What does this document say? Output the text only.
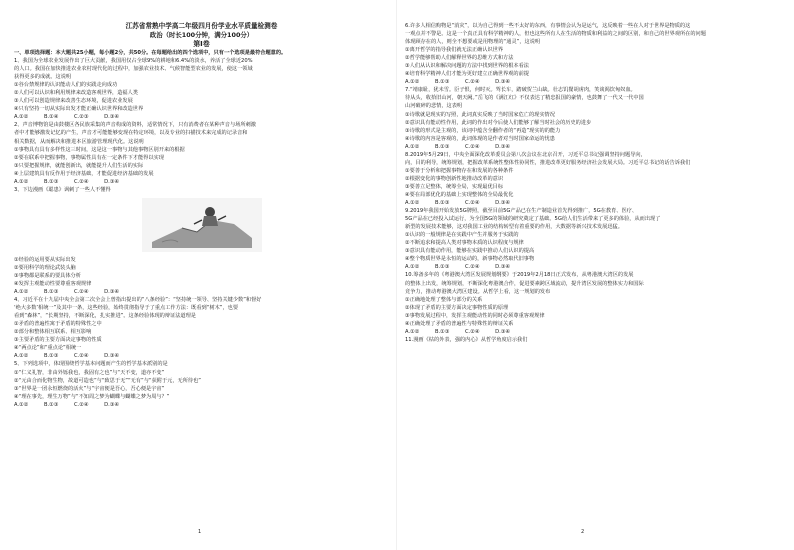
江苏省常熟中学高二年级四月份学业水平质量检测卷
政治（时长100分钟，满分100分）
第Ⅰ卷
一、单项选择题：本大题共25小题，每小题2分，共50分。在每题给出的四个选项中，只有一个选项是最符合题意的。
1、我国为全球农业发展作出了巨大贡献，我国用仅占全球9%的耕地和6.4%的淡水，养活了全球近20%
的人口。我国在加快推进农业农村现代化的过程中，加强农业技术、气候智能型农业的发展，使这一领域
获得更多的成就。这说明
①谷台禁规律的认识能动人们的实践走向成功
②人们可以认识和利用规律来改造客观世界，造福人类
③人们可以创造规律来改善生态环境，促进农业发展
④只有坚持一切从实际出发才能正确认识世界和改造世界
A.①②　　　B.①④　　　C.②③　　　D.③④
2、声音博物馆是由鼓楼区各民族采集的声音构成的资料，适常情况下，只有消费者在某种声音与场所刺激
者中才能够激发记忆的产生，声音才可能能够变现在特定环境，以及专业的扫描技术来完成的记录音和
相关数据，从而解决和推进本区旅游管理现代化。这说明
①事物具有具有多样性这三时间，这是这一事物与其他事物区别开来的根据
②要在联系中把握事物，事物属性具有在一定条件下才能得以实现
③只要把握规律，就能创新出，就能提升人们生活的实际
④上层建筑具有反作用于经济基础，才能促进经济基础的发展
A.①②　　　B.①③　　　C.②④　　　D.③④
3、下边漫画《聪患》讽刺了一些人不懂得
①经验的运用要从实际出发
②要用科学的理论武装头脑
③事物都是联系的要具体分析
④发挥主观能动性要尊重客观规律
A.①②　　　B.①③　　　C.②④　　　D.③④
4、习近平在十九届中央全会第二次全会上曾指出提出的“八条经验”：“坚持统一领导、坚持关键少数”和督好
‘绝大多数’相统一”及其中一条，这些经验，始终贯彻指导于了重点工作方法：既看到“树木”，也要
看到“森林”，“长期坚持，不断深化，扎实推进”。这条经验体现的辩证法道理是
①矛盾的普遍性寓于矛盾的特殊性之中
②部分和整体相互联系、相互影响
③主要矛盾的主要方面决定事物的性质
④“两点论”和“重点论”相统一
A.①②　　　B.①③　　　C.②④　　　D.③④
5、下列选项中，体现围绕哲学基本问题而产生的哲学基本派别的是
①“仁义礼智，非由外铄我也，我固有之也”与“天不变，道亦不变”
②“元由合而化物生物，故道可造也”与“致思于无”“无有”与“获附于元，无所待也”
③“世界是一团永恒燃烧的活火”与“宇宙便是吾心，吾心便是宇宙”
④“理在事先，理生万物”与“不知周之梦为蝴蝶与蝴蝶之梦为周与？”
A.①②　　　B.①③　　　C.②④　　　D.③④
1
6.许多人相信购物是“消灾”，以为自己得到一些不太好的东西，有事情会认为是运气，这反映着一些在人对于世界是物质的这
一观点并不警是。这是一个真正具有科学精神的人，但也这些所有人在生活的物质和利益的之间的区别，和自己的世界观所在的问题
体现顾存在的人，则全不想要或是用物理的“通灵”，这说明
①离开哲学的指导我们就无法正确认识世界
②哲学能够帮助人们解释世界的思维方式和方法
③人们从认识和解决问题的方法中找到世界的根本看法
④培育科学精神人们才能为更好建立正确世界观的前提
A.①②　　　B.①③　　　C.②④　　　D.③④
7.“靖康耻，犹未雪。臣子恨，何时灭。驾长车，踏破贺兰山缺。壮志饥餐胡虏肉，笑谈渴饮匈奴血。
待从头，收拾旧山河，朝天阙。”岳飞的《满江红》不仅表达了精忠报国的豪情，也鼓舞了一代又一代中国
山河破碎的悲情，这表明
①诗歌就是现实的写照，此词真实反映了当时国家危亡的现实情况
②意识具有能动性作用，此词的作出对今后使人们能够了解当时社会的历史的进步
③诗歌的形式是主观的，该词中蕴含全翻作者的“再造”现实的的能力
④诗歌的内容是客观的，此词体现的是作者对当时国家命运的忧患
A.①②　　　B.①③　　　C.②④　　　D.③④
8.2019年5月29日，中央全面深化改革委员会第八次会议在北京召开，习近平总书记强调坚持问题导向，
向，目的利导，统筹规划，把握改革系统性整体性协同性，推进改革更好服务经济社会发展大局。习近平总书记的话告诉我们
①要善于分析和把握事物存在和发展的各种条件
②根据变化的事物创新性地推动改革的意识
③要善立足整体，统筹全局，实现最优目标
④要在局部优化的基础上实现整体的全局最优化
A.①②　　　B.①③　　　C.②④　　　D.③④
9.2019年我国开始发放5G牌照，截至目前5G产品已在生产制造业首先得到推广，5G在教育、医疗、
5G产品在已经投入试运行，为全国5G的领域的研究奠定了基础。5G给人们生活带来了更多的体验，从而出现了
新型的发展技术能够，这对我国工业的结构转型有着重要的作用，大数据等新兴技术发展迅猛。
①认识的一般规律是在实践中产生并服务于实践的
②不断追求和提高人类对事物本质的认识程度与规律
③意识具有能动作用，能够在实践中推动人们认识的提高
④整个物质世界是永恒的运动的，新事物必然取代旧事物
A.①②　　　B.①③　　　C.②④　　　D.③④
10.筹备多年的《粤港澳大湾区发展规划纲要》于2019年2月18日正式发布，从粤港澳大湾区的发展
的整体上出发，统筹规划，不断深化粤港澳合作，促进要素跨区域流动，提升湾区发展的整体实力和国际
竞争力，推动粤港澳大湾区建设。从哲学上看，这一规划的发布
①正确地处理了整体与部分的关系
②体现了矛盾的主要方面决定事物性质的原理
③事物发展过程中，发挥主观能动性的同时必须尊重客观规律
④正确处理了矛盾的普遍性与特殊性的辩证关系
A.①②　　　B.①③　　　C.②④　　　D.③④
11.漫画《枯的外表，强的内心》从哲学角度启示我们
2
